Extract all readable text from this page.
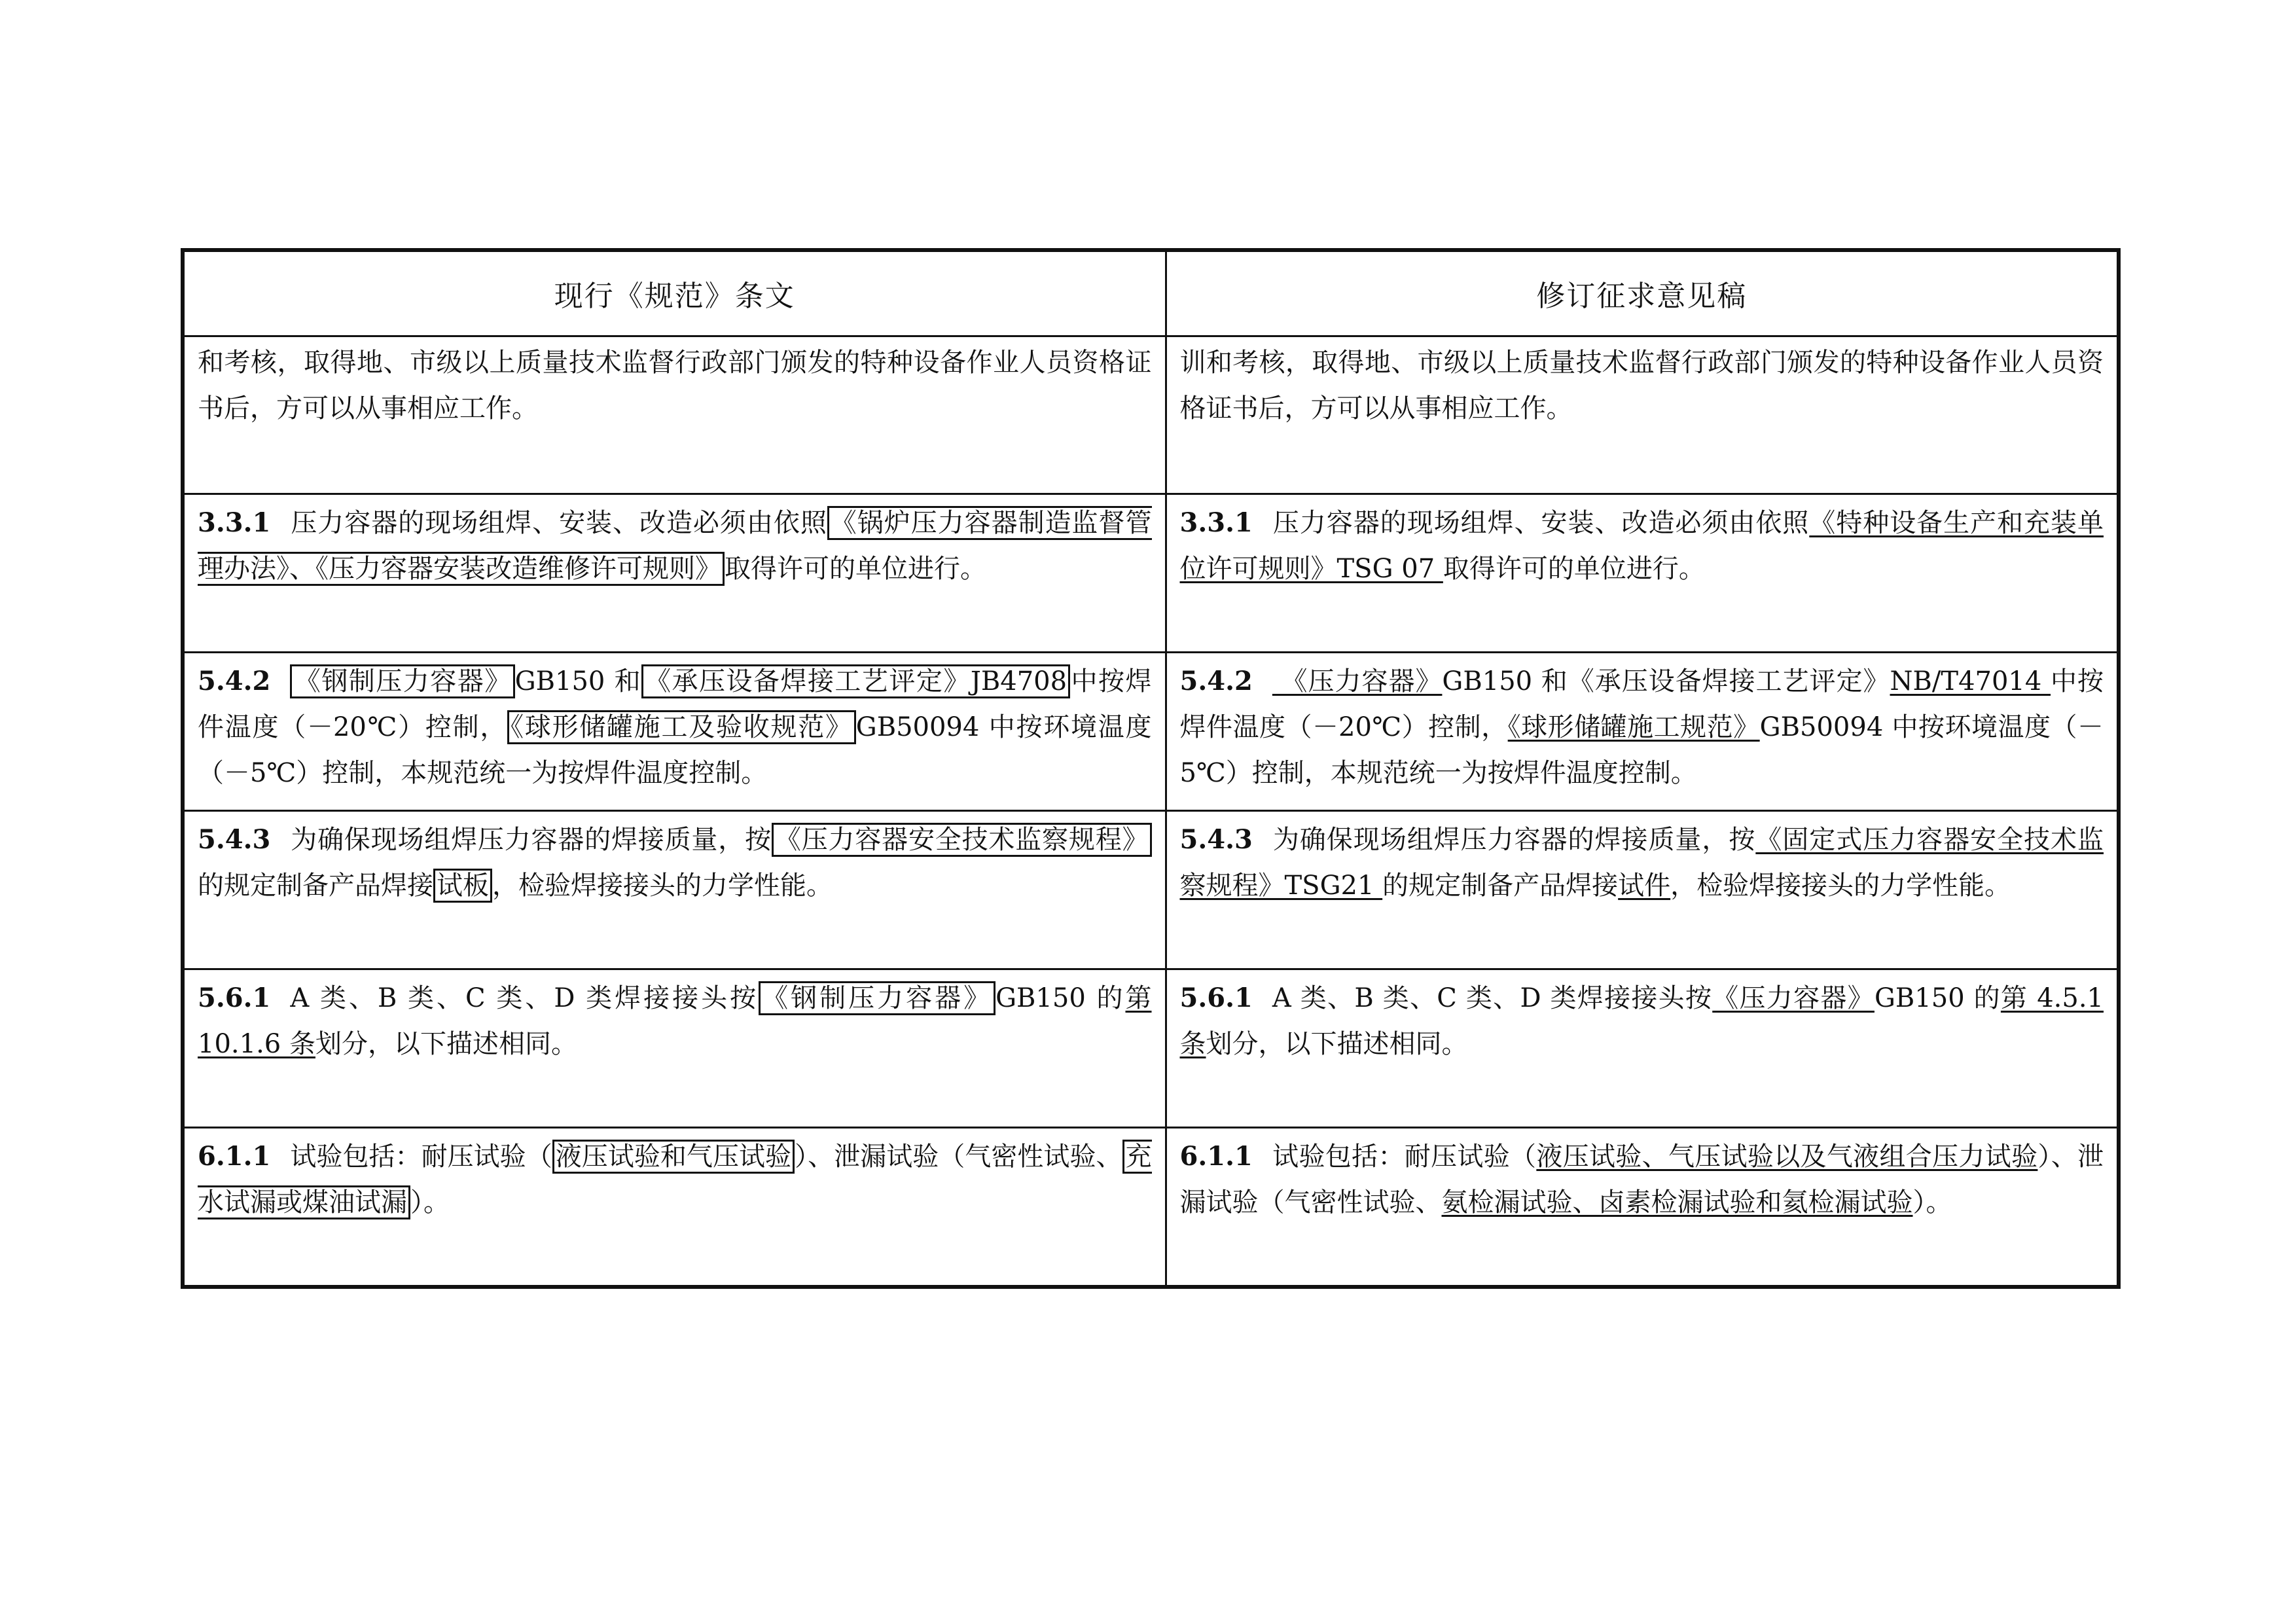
现行《规范》条文	修订征求意见稿
和考核，取得地、市级以上质量技术监督行政部门颁发的特种设备作业人员资格证书后，方可以从事相应工作。	训和考核，取得地、市级以上质量技术监督行政部门颁发的特种设备作业人员资格证书后，方可以从事相应工作。
3.3.1 压力容器的现场组焊、安装、改造必须由依照 《锅炉压力容器制造监督管理办法》、《压力容器安装改造维修许可规则》 取得许可的单位进行。	3.3.1 压力容器的现场组焊、安装、改造必须由依照《特种设备生产和充装单位许可规则》TSG 07 取得许可的单位进行。
5.4.2 《钢制压力容器》 GB150 和 《承压设备焊接工艺评定》JB4708 中按焊件温度（－20℃）控制， 《球形储罐施工及验收规范》 GB50094 中按环境温度（－5℃）控制，本规范统一为按焊件温度控制。	5.4.2 《压力容器》GB150 和《承压设备焊接工艺评定》NB/T47014 中按焊件温度（－20℃）控制，《球形储罐施工规范》GB50094 中按环境温度（－5℃）控制，本规范统一为按焊件温度控制。
5.4.3 为确保现场组焊压力容器的焊接质量，按 《压力容器安全技术监察规程》的规定制备产品焊接 试板 ，检验焊接接头的力学性能。	5.4.3 为确保现场组焊压力容器的焊接质量，按《固定式压力容器安全技术监察规程》TSG21 的规定制备产品焊接试件，检验焊接接头的力学性能。
5.6.1 A 类、B 类、C 类、D 类焊接接头按 《钢制压力容器》 GB150 的第 10.1.6 条划分，以下描述相同。	5.6.1 A 类、B 类、C 类、D 类焊接接头按《压力容器》GB150 的第 4.5.1 条划分，以下描述相同。
6.1.1 试验包括：耐压试验（ 液压试验和气压试验 ）、泄漏试验（气密性试验、 充水试漏或煤油试漏 ）。	6.1.1 试验包括：耐压试验（液压试验、气压试验以及气液组合压力试验）、泄漏试验（气密性试验、氨检漏试验、卤素检漏试验和氦检漏试验）。
